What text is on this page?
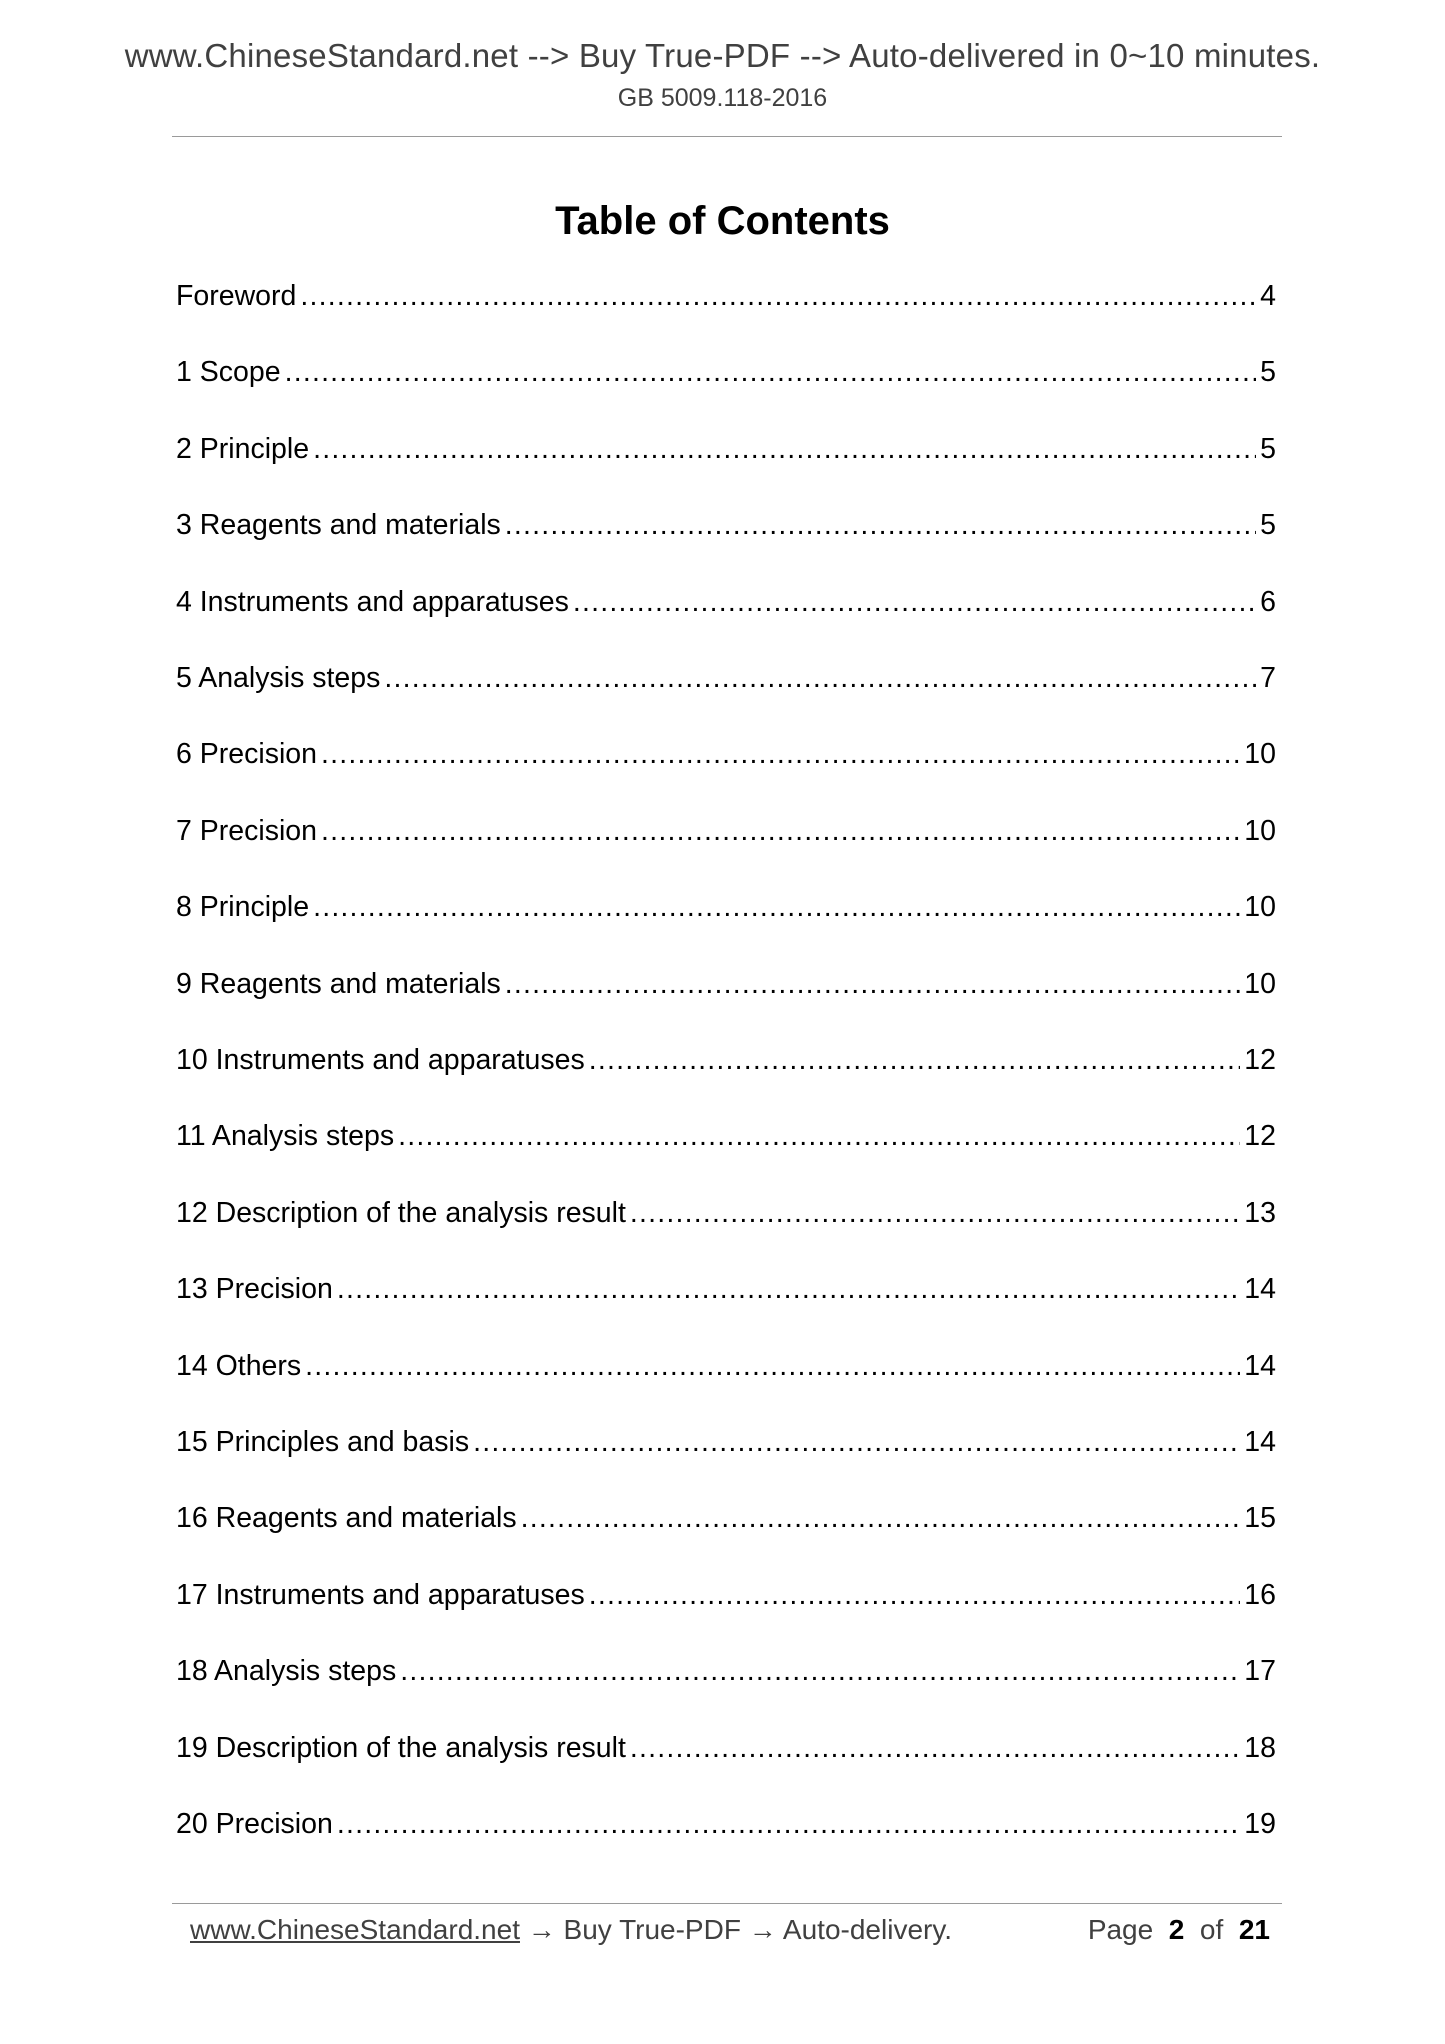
www.ChineseStandard.net --> Buy True-PDF --> Auto-delivered in 0~10 minutes.
GB 5009.118-2016
Table of Contents
Foreword .....	4
1 Scope .....	5
2 Principle .....	5
3 Reagents and materials .....	5
4 Instruments and apparatuses .....	6
5 Analysis steps .....	7
6 Precision .....	10
7 Precision .....	10
8 Principle .....	10
9 Reagents and materials .....	10
10 Instruments and apparatuses .....	12
11 Analysis steps .....	12
12 Description of the analysis result .....	13
13 Precision .....	14
14 Others .....	14
15 Principles and basis .....	14
16 Reagents and materials .....	15
17 Instruments and apparatuses .....	16
18 Analysis steps .....	17
19 Description of the analysis result .....	18
20 Precision .....	19
www.ChineseStandard.net → Buy True-PDF → Auto-delivery.	Page 2 of 21
